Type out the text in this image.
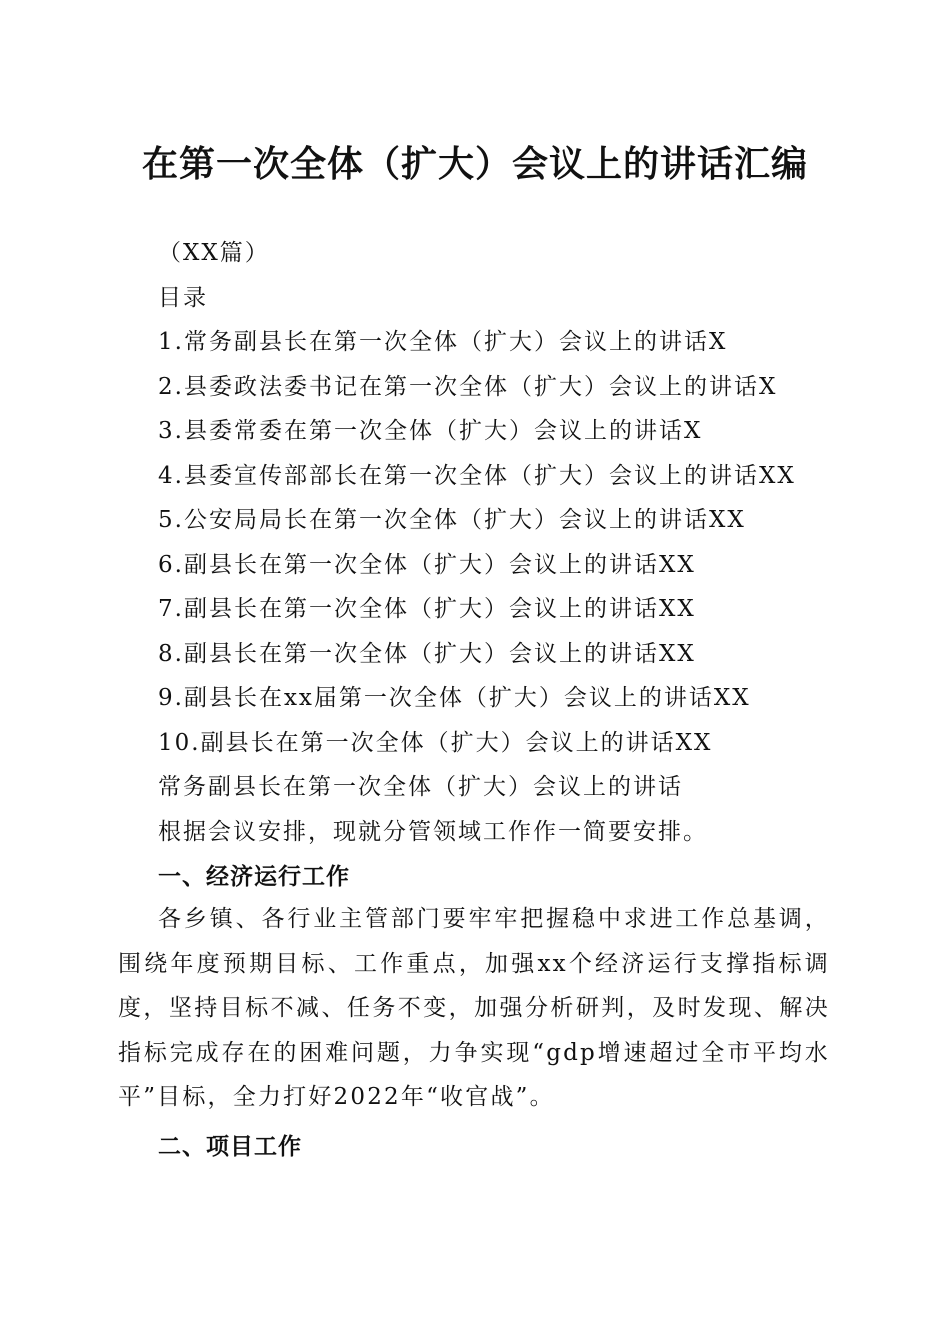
在第一次全体（扩大）会议上的讲话汇编
（XX篇）
目录
1.常务副县长在第一次全体（扩大）会议上的讲话X
2.县委政法委书记在第一次全体（扩大）会议上的讲话X
3.县委常委在第一次全体（扩大）会议上的讲话X
4.县委宣传部部长在第一次全体（扩大）会议上的讲话XX
5.公安局局长在第一次全体（扩大）会议上的讲话XX
6.副县长在第一次全体（扩大）会议上的讲话XX
7.副县长在第一次全体（扩大）会议上的讲话XX
8.副县长在第一次全体（扩大）会议上的讲话XX
9.副县长在xx届第一次全体（扩大）会议上的讲话XX
10.副县长在第一次全体（扩大）会议上的讲话XX
常务副县长在第一次全体（扩大）会议上的讲话
根据会议安排，现就分管领域工作作一简要安排。
一、经济运行工作
各乡镇、各行业主管部门要牢牢把握稳中求进工作总基调，围绕年度预期目标、工作重点，加强xx个经济运行支撑指标调度，坚持目标不减、任务不变，加强分析研判，及时发现、解决指标完成存在的困难问题，力争实现“gdp增速超过全市平均水平”目标，全力打好2022年“收官战”。
二、项目工作
